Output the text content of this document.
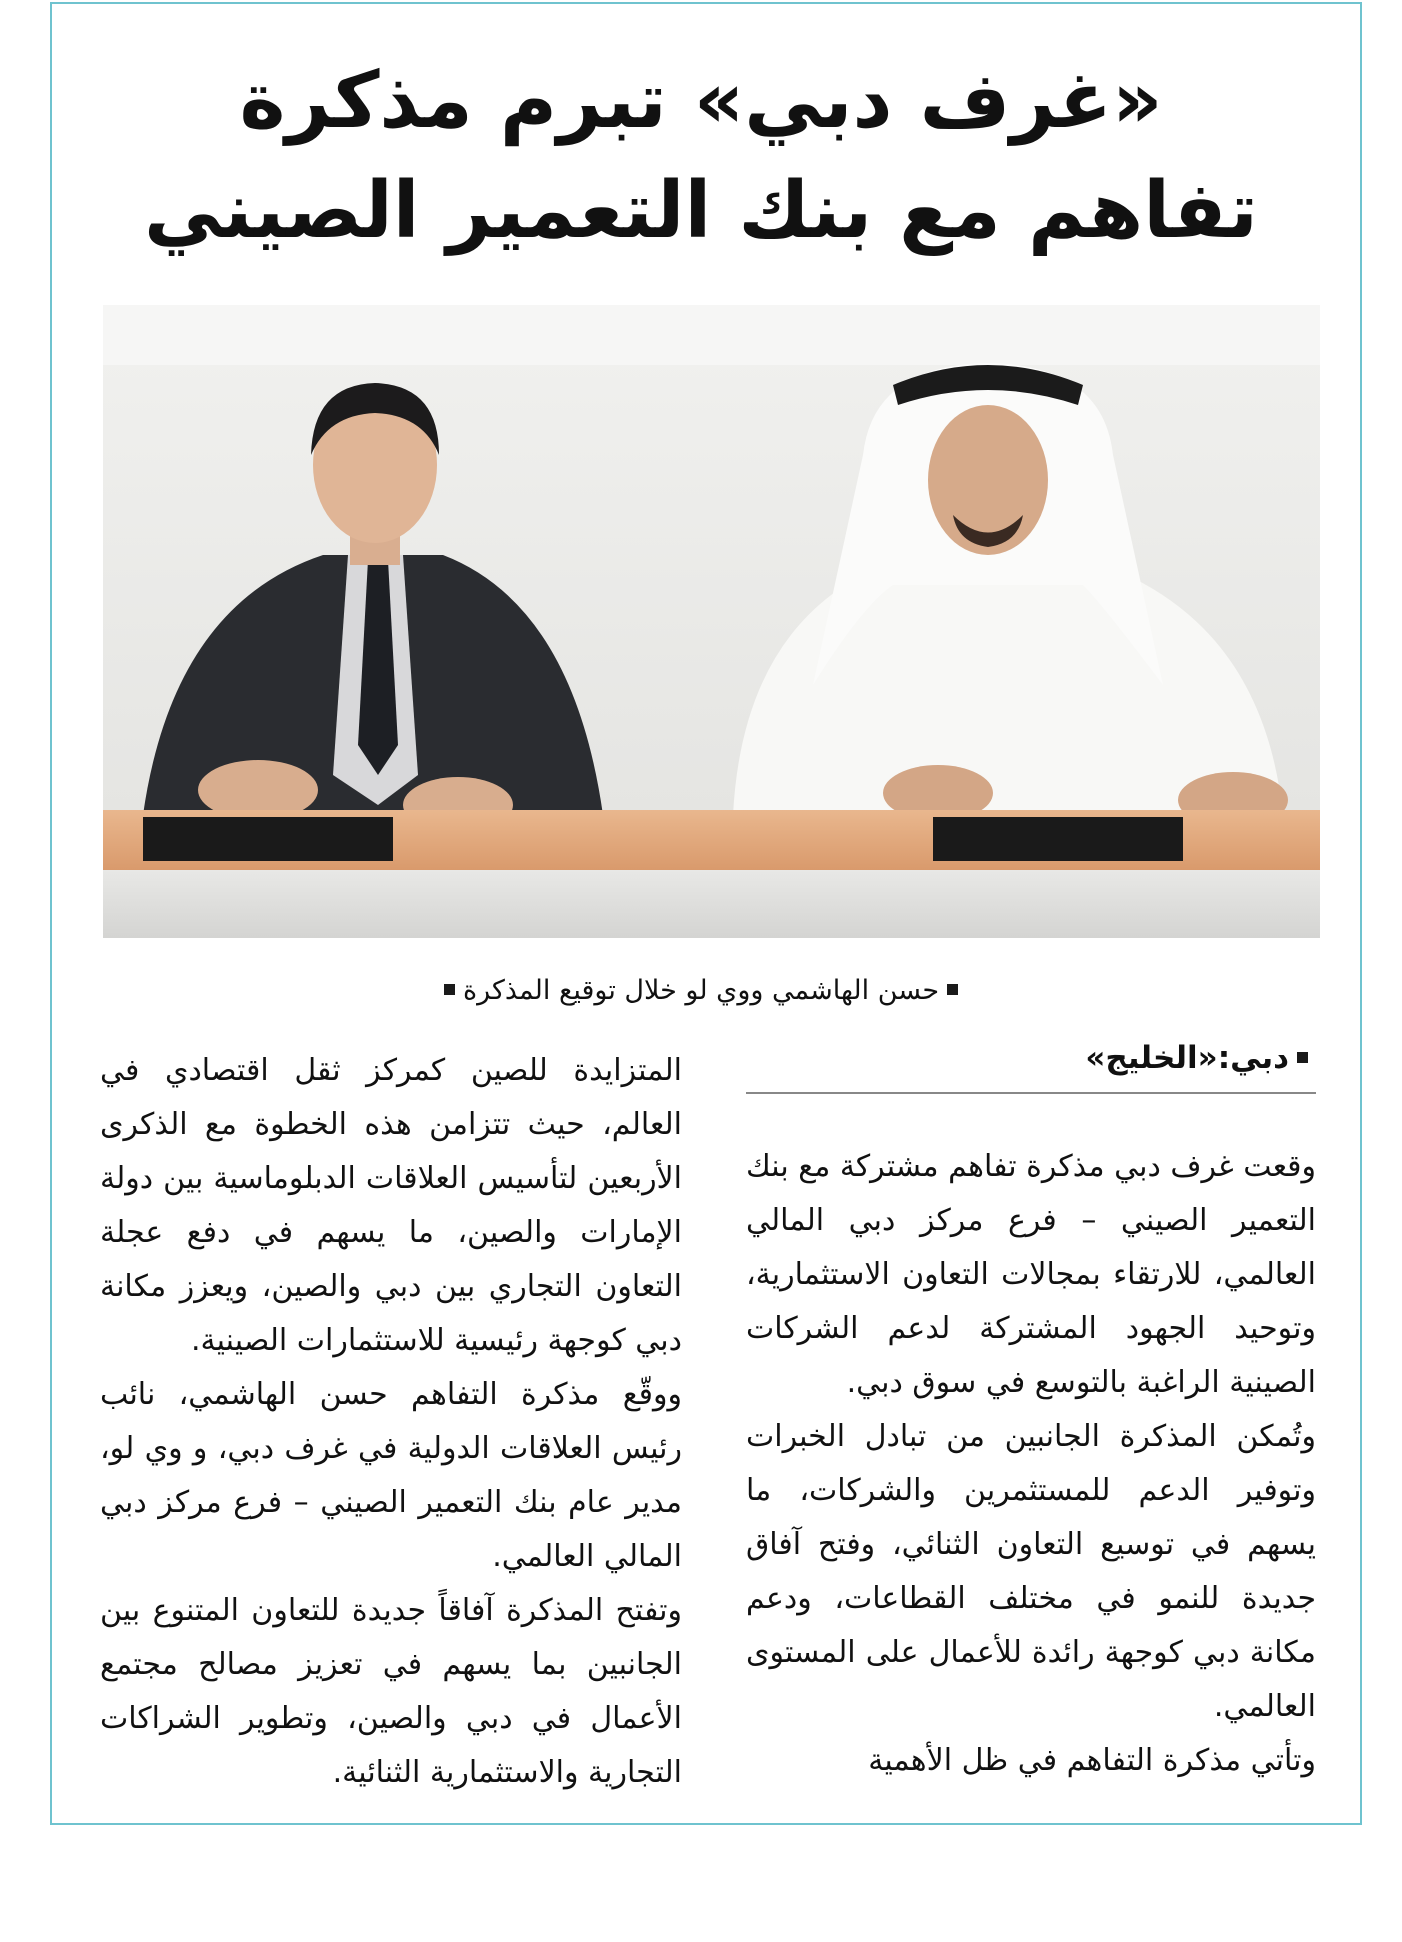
«غرف دبي» تبرم مذكرة
تفاهم مع بنك التعمير الصيني
حسن الهاشمي ووي لو خلال توقيع المذكرة
دبي:«الخليج»

وقعت غرف دبي مذكرة تفاهم مشتركة مع بنك التعمير الصيني – فرع مركز دبي المالي العالمي، للارتقاء بمجالات التعاون الاستثمارية، وتوحيد الجهود المشتركة لدعم الشركات الصينية الراغبة بالتوسع في سوق دبي.

وتُمكن المذكرة الجانبين من تبادل الخبرات وتوفير الدعم للمستثمرين والشركات، ما يسهم في توسيع التعاون الثنائي، وفتح آفاق جديدة للنمو في مختلف القطاعات، ودعم مكانة دبي كوجهة رائدة للأعمال على المستوى العالمي.

وتأتي مذكرة التفاهم في ظل الأهمية

المتزايدة للصين كمركز ثقل اقتصادي في العالم، حيث تتزامن هذه الخطوة مع الذكرى الأربعين لتأسيس العلاقات الدبلوماسية بين دولة الإمارات والصين، ما يسهم في دفع عجلة التعاون التجاري بين دبي والصين، ويعزز مكانة دبي كوجهة رئيسية للاستثمارات الصينية.

ووقّع مذكرة التفاهم حسن الهاشمي، نائب رئيس العلاقات الدولية في غرف دبي، و وي لو، مدير عام بنك التعمير الصيني – فرع مركز دبي المالي العالمي.

وتفتح المذكرة آفاقاً جديدة للتعاون المتنوع بين الجانبين بما يسهم في تعزيز مصالح مجتمع الأعمال في دبي والصين، وتطوير الشراكات التجارية والاستثمارية الثنائية.
